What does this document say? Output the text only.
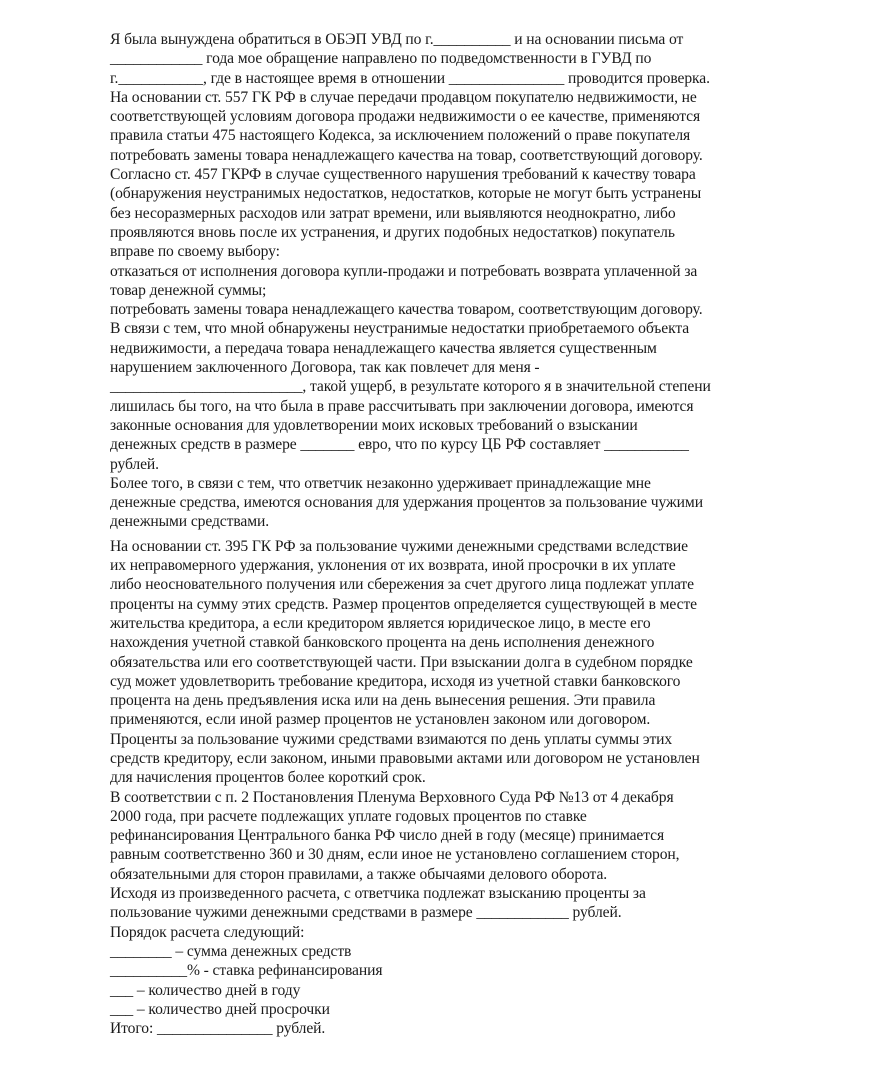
Я была вынуждена обратиться в ОБЭП УВД по г.__________ и на основании письма от
____________ года мое обращение направлено по подведомственности в ГУВД по
г.___________, где в настоящее время в отношении _______________ проводится проверка.
На основании ст. 557 ГК РФ в случае передачи продавцом покупателю недвижимости, не
соответствующей условиям договора продажи недвижимости о ее качестве, применяются
правила статьи 475 настоящего Кодекса, за исключением положений о праве покупателя
потребовать замены товара ненадлежащего качества на товар, соответствующий договору.
Согласно ст. 457 ГКРФ в случае существенного нарушения требований к качеству товара
(обнаружения неустранимых недостатков, недостатков, которые не могут быть устранены
без несоразмерных расходов или затрат времени, или выявляются неоднократно, либо
проявляются вновь после их устранения, и других подобных недостатков) покупатель
вправе по своему выбору:
отказаться от исполнения договора купли-продажи и потребовать возврата уплаченной за
товар денежной суммы;
потребовать замены товара ненадлежащего качества товаром, соответствующим договору.
В связи с тем, что мной обнаружены неустранимые недостатки приобретаемого объекта
недвижимости, а передача товара ненадлежащего качества является существенным
нарушением заключенного Договора, так как повлечет для меня -
_________________________, такой ущерб, в результате которого я в значительной степени
лишилась бы того, на что была в праве рассчитывать при заключении договора, имеются
законные основания для удовлетворении моих исковых требований о взыскании
денежных средств в размере _______ евро, что по курсу ЦБ РФ составляет ___________
рублей.
Более того, в связи с тем, что ответчик незаконно удерживает принадлежащие мне
денежные средства, имеются основания для удержания процентов за пользование чужими
денежными средствами.
На основании ст. 395 ГК РФ за пользование чужими денежными средствами вследствие
их неправомерного удержания, уклонения от их возврата, иной просрочки в их уплате
либо неосновательного получения или сбережения за счет другого лица подлежат уплате
проценты на сумму этих средств. Размер процентов определяется существующей в месте
жительства кредитора, а если кредитором является юридическое лицо, в месте его
нахождения учетной ставкой банковского процента на день исполнения денежного
обязательства или его соответствующей части. При взыскании долга в судебном порядке
суд может удовлетворить требование кредитора, исходя из учетной ставки банковского
процента на день предъявления иска или на день вынесения решения. Эти правила
применяются, если иной размер процентов не установлен законом или договором.
Проценты за пользование чужими средствами взимаются по день уплаты суммы этих
средств кредитору, если законом, иными правовыми актами или договором не установлен
для начисления процентов более короткий срок.
В соответствии с п. 2 Постановления Пленума Верховного Суда РФ №13 от 4 декабря
2000 года, при расчете подлежащих уплате годовых процентов по ставке
рефинансирования Центрального банка РФ число дней в году (месяце) принимается
равным соответственно 360 и 30 дням, если иное не установлено соглашением сторон,
обязательными для сторон правилами, а также обычаями делового оборота.
Исходя из произведенного расчета, с ответчика подлежат взысканию проценты за
пользование чужими денежными средствами в размере ____________ рублей.
Порядок расчета следующий:
________ – сумма денежных средств
__________% - ставка рефинансирования
___ – количество дней в году
___ – количество дней просрочки
Итого: _______________ рублей.
